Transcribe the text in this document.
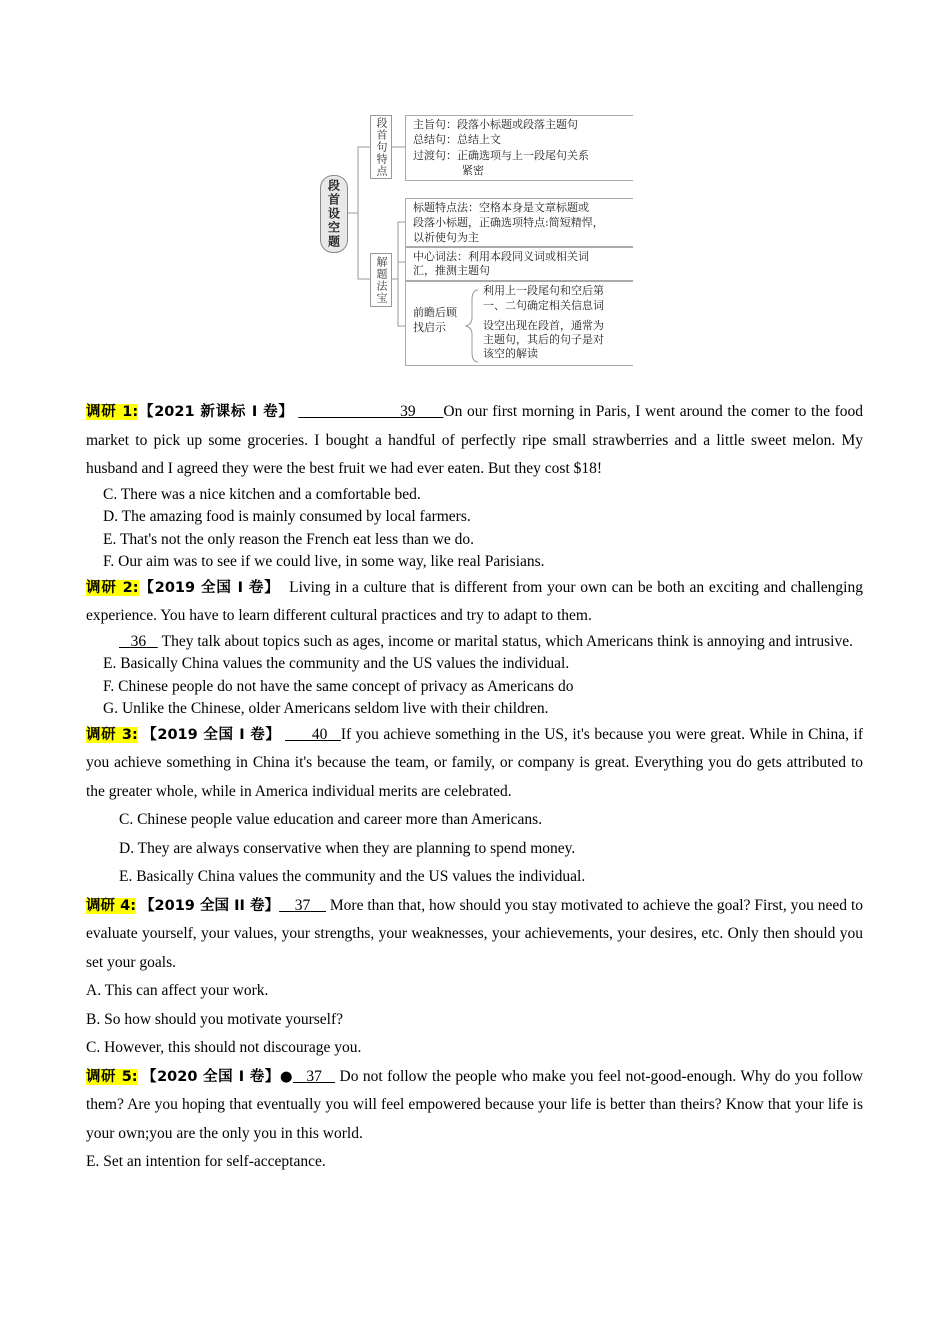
段首设空题
段首句特点
解题法宝
主旨句：段落小标题或段落主题句
总结句：总结上文
过渡句：正确选项与上一段尾句关系
紧密
标题特点法：空格本身是文章标题或
段落小标题，正确选项特点:简短精悍，
以祈使句为主
中心词法：利用本段同义词或相关词
汇，推测主题句
前瞻后顾
找启示
利用上一段尾句和空后第
一、二句确定相关信息词
设空出现在段首，通常为
主题句，其后的句子是对
该空的解读

调研 1:【2021 新课标 I 卷】	39 On our first morning in Paris, I went around the comer to the food market to pick up some groceries. I bought a handful of perfectly ripe small strawberries and a little sweet melon. My husband and I agreed they were the best fruit we had ever eaten. But they cost $18!

C. There was a nice kitchen and a comfortable bed.

D. The amazing food is mainly consumed by local farmers.

E. That's not the only reason the French eat less than we do.

F. Our aim was to see if we could live, in some way, like real Parisians.

调研 2:【2019 全国 I 卷】 Living in a culture that is different from your own can be both an exciting and challenging experience. You have to learn different cultural practices and try to adapt to them.

36 They talk about topics such as ages, income or marital status, which Americans think is annoying and intrusive.

E. Basically China values the community and the US values the individual.

F. Chinese people do not have the same concept of privacy as Americans do

G. Unlike the Chinese, older Americans seldom live with their children.

调研 3: 【2019 全国 I 卷】 40 If you achieve something in the US, it's because you were great. While in China, if you achieve something in China it's because the team, or family, or company is great. Everything you do gets attributed to the greater whole, while in America individual merits are celebrated.

C. Chinese people value education and career more than Americans.

D. They are always conservative when they are planning to spend money.

E. Basically China values the community and the US values the individual.

调研 4: 【2019 全国 II 卷】 37 More than that, how should you stay motivated to achieve the goal? First, you need to evaluate yourself, your values, your strengths, your weaknesses, your achievements, your desires, etc. Only then should you set your goals.

A. This can affect your work.

B. So how should you motivate yourself?

C. However, this should not discourage you.

调研 5: 【2020 全国 I 卷】● 37 Do not follow the people who make you feel not-good-enough. Why do you follow them? Are you hoping that eventually you will feel empowered because your life is better than theirs? Know that your life is your own;you are the only you in this world.

E. Set an intention for self-acceptance.
